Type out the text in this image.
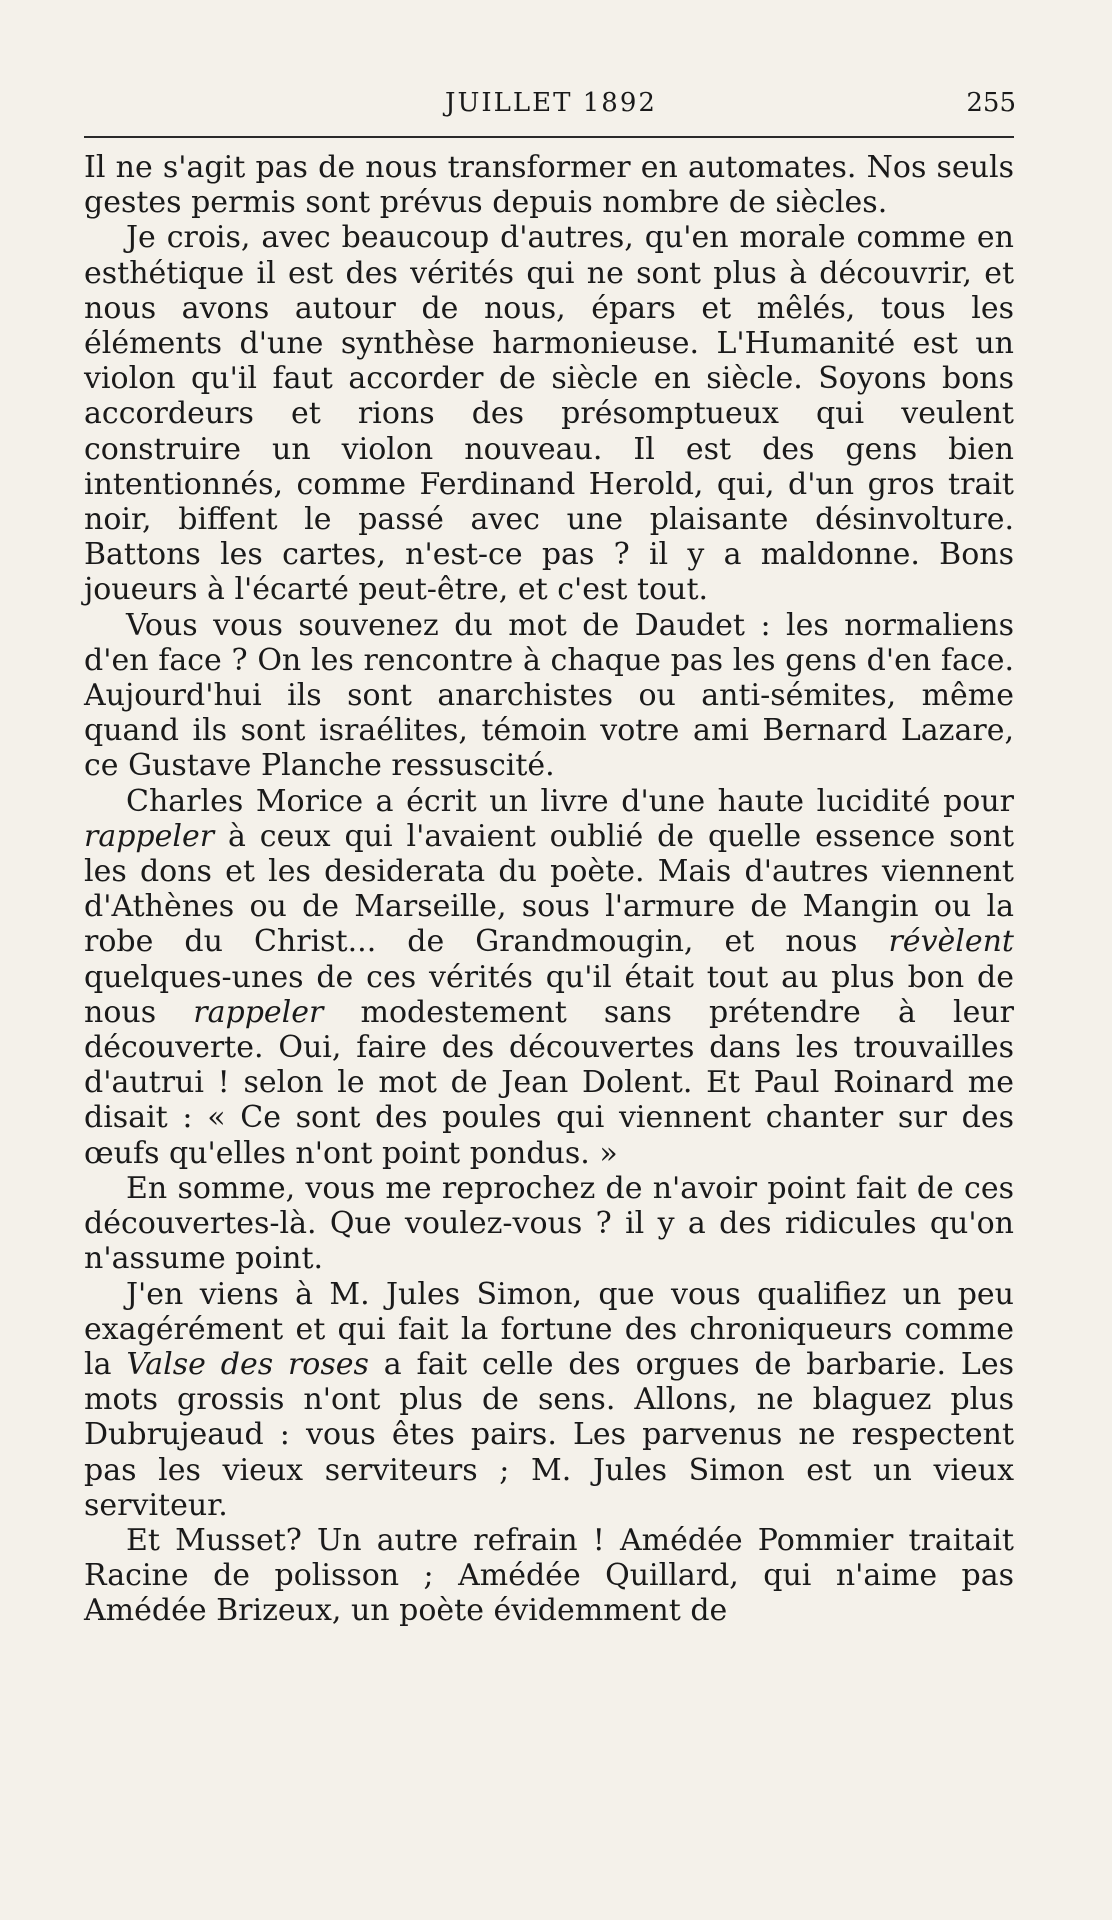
JUILLET 1892	255

Il ne s'agit pas de nous transformer en automates. Nos seuls gestes permis sont prévus depuis nombre de siècles.

Je crois, avec beaucoup d'autres, qu'en morale comme en esthétique il est des vérités qui ne sont plus à découvrir, et nous avons autour de nous, épars et mêlés, tous les éléments d'une synthèse harmonieuse. L'Humanité est un violon qu'il faut accorder de siècle en siècle. Soyons bons accordeurs et rions des présomptueux qui veulent construire un violon nouveau. Il est des gens bien intentionnés, comme Ferdinand Herold, qui, d'un gros trait noir, biffent le passé avec une plaisante désinvolture. Battons les cartes, n'est-ce pas ? il y a maldonne. Bons joueurs à l'écarté peut-être, et c'est tout.

Vous vous souvenez du mot de Daudet : les normaliens d'en face ? On les rencontre à chaque pas les gens d'en face. Aujourd'hui ils sont anarchistes ou anti-sémites, même quand ils sont israélites, témoin votre ami Bernard Lazare, ce Gustave Planche ressuscité.

Charles Morice a écrit un livre d'une haute lucidité pour rappeler à ceux qui l'avaient oublié de quelle essence sont les dons et les desiderata du poète. Mais d'autres viennent d'Athènes ou de Marseille, sous l'armure de Mangin ou la robe du Christ... de Grandmougin, et nous révèlent quelques-unes de ces vérités qu'il était tout au plus bon de nous rappeler modestement sans prétendre à leur découverte. Oui, faire des découvertes dans les trouvailles d'autrui ! selon le mot de Jean Dolent. Et Paul Roinard me disait : « Ce sont des poules qui viennent chanter sur des œufs qu'elles n'ont point pondus. »

En somme, vous me reprochez de n'avoir point fait de ces découvertes-là. Que voulez-vous ? il y a des ridicules qu'on n'assume point.

J'en viens à M. Jules Simon, que vous qualifiez un peu exagérément et qui fait la fortune des chroniqueurs comme la Valse des roses a fait celle des orgues de barbarie. Les mots grossis n'ont plus de sens. Allons, ne blaguez plus Dubrujeaud : vous êtes pairs. Les parvenus ne respectent pas les vieux serviteurs ; M. Jules Simon est un vieux serviteur.

Et Musset? Un autre refrain ! Amédée Pommier traitait Racine de polisson ; Amédée Quillard, qui n'aime pas Amédée Brizeux, un poète évidemment de
